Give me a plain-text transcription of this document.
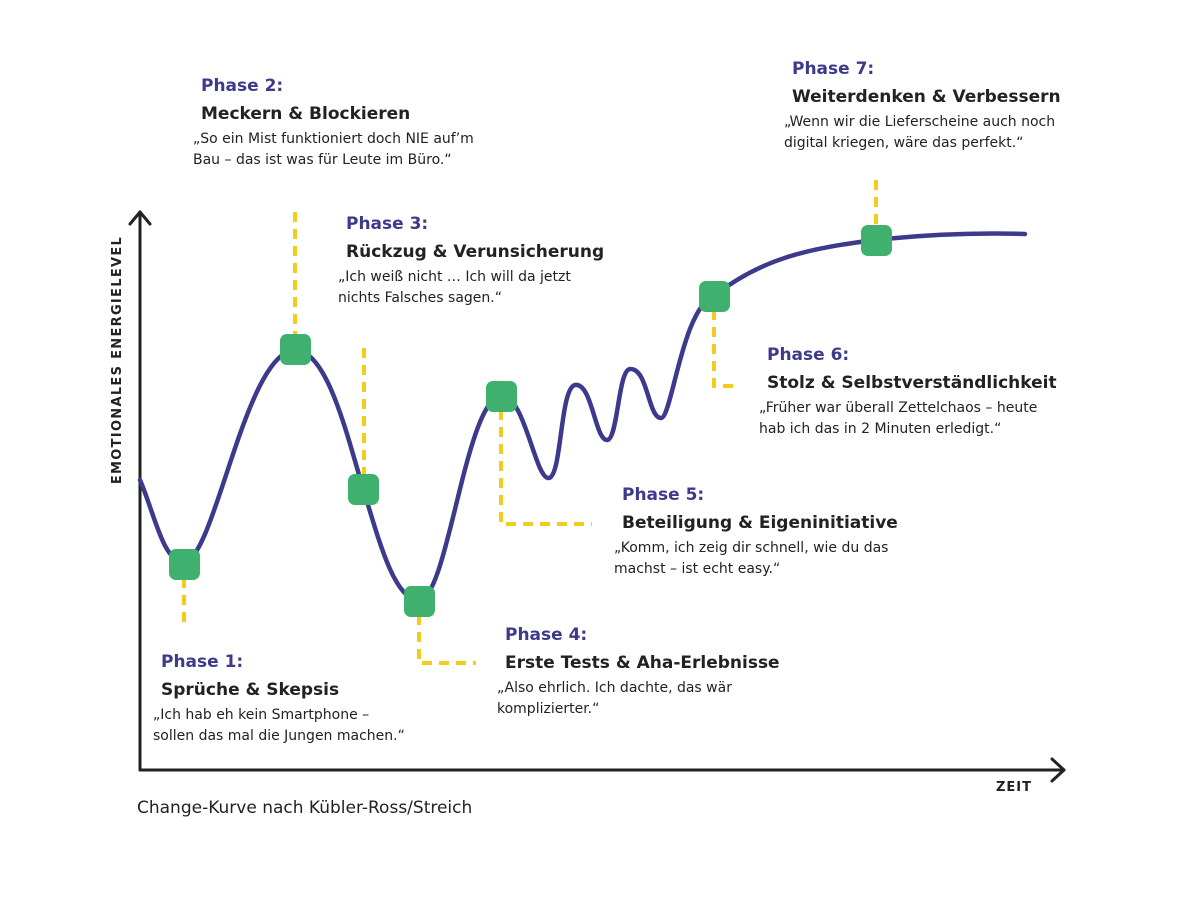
EMOTIONALES ENERGIELEVEL
ZEIT
Phase 1:
Sprüche & Skepsis
„Ich hab eh kein Smartphone –
sollen das mal die Jungen machen.“
Phase 2:
Meckern & Blockieren
„So ein Mist funktioniert doch NIE auf’m
Bau – das ist was für Leute im Büro.“
Phase 3:
Rückzug & Verunsicherung
„Ich weiß nicht … Ich will da jetzt
nichts Falsches sagen.“
Phase 4:
Erste Tests & Aha-Erlebnisse
„Also ehrlich. Ich dachte, das wär
komplizierter.“
Phase 5:
Beteiligung & Eigeninitiative
„Komm, ich zeig dir schnell, wie du das
machst – ist echt easy.“
Phase 6:
Stolz & Selbstverständlichkeit
„Früher war überall Zettelchaos – heute
hab ich das in 2 Minuten erledigt.“
Phase 7:
Weiterdenken & Verbessern
„Wenn wir die Lieferscheine auch noch
digital kriegen, wäre das perfekt.“
Change-Kurve nach Kübler-Ross/Streich
